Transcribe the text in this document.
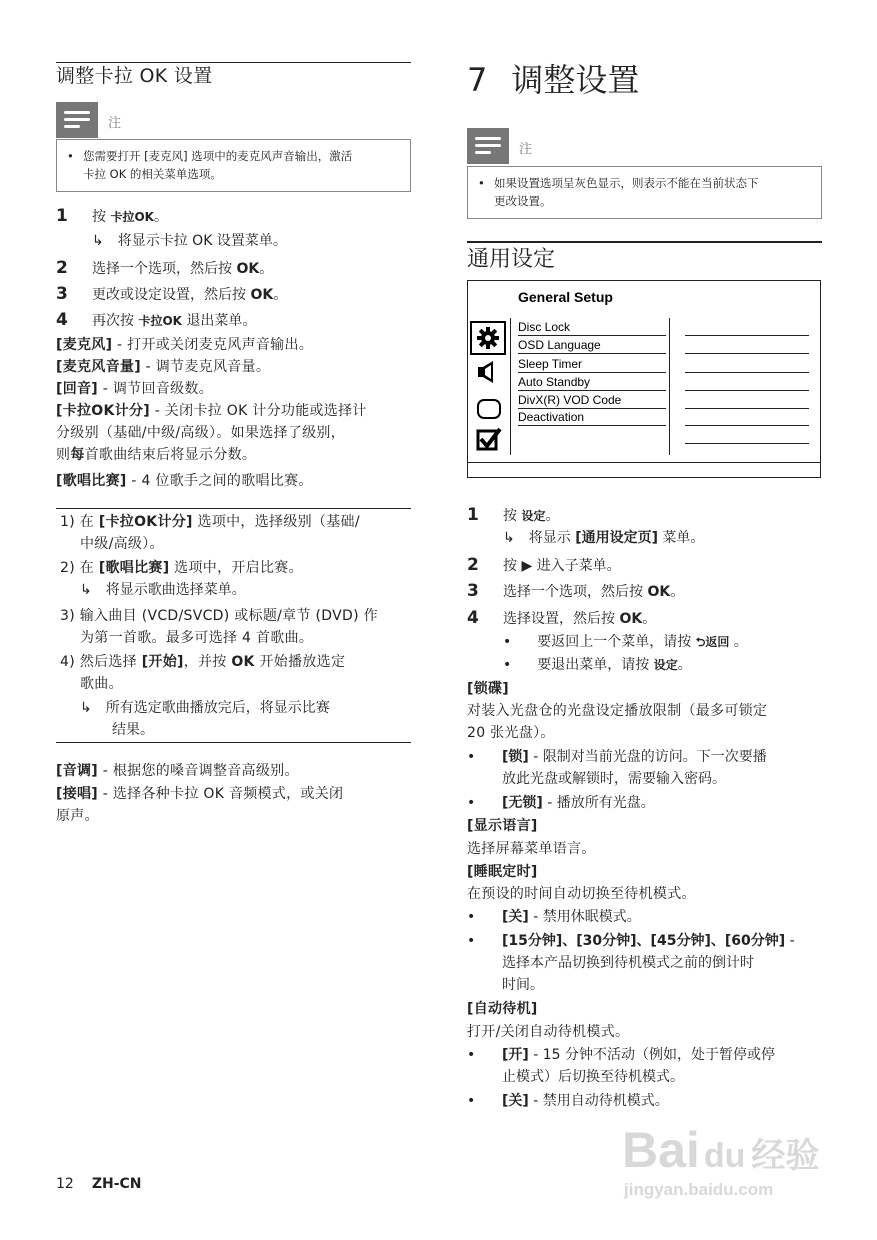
调整卡拉 OK 设置
注
• 您需要打开 [麦克风] 选项中的麦克风声音输出，激活
卡拉 OK 的相关菜单选项。
1 按 卡拉OK。
↳ 将显示卡拉 OK 设置菜单。
2 选择一个选项，然后按 OK。
3 更改或设定设置，然后按 OK。
4 再次按 卡拉OK 退出菜单。
[麦克风] - 打开或关闭麦克风声音输出。
[麦克风音量] - 调节麦克风音量。
[回音] - 调节回音级数。
[卡拉OK计分] - 关闭卡拉 OK 计分功能或选择计
分级别（基础/中级/高级）。如果选择了级别，
则每首歌曲结束后将显示分数。
[歌唱比赛] - 4 位歌手之间的歌唱比赛。
1) 在 [卡拉OK计分] 选项中，选择级别（基础/
中级/高级）。
2) 在 [歌唱比赛] 选项中，开启比赛。
↳ 将显示歌曲选择菜单。
3) 输入曲目 (VCD/SVCD) 或标题/章节 (DVD) 作
为第一首歌。最多可选择 4 首歌曲。
4) 然后选择 [开始]，并按 OK 开始播放选定
歌曲。
↳ 所有选定歌曲播放完后，将显示比赛
结果。
[音调] - 根据您的嗓音调整音高级别。
[接唱] - 选择各种卡拉 OK 音频模式，或关闭
原声。
7 调整设置
注
• 如果设置选项呈灰色显示，则表示不能在当前状态下
更改设置。
通用设定
General Setup
Disc Lock
OSD Language
Sleep Timer
Auto Standby
DivX(R) VOD Code
Deactivation
1 按 设定。
↳ 将显示 [通用设定页] 菜单。
2 按 ▶ 进入子菜单。
3 选择一个选项，然后按 OK。
4 选择设置，然后按 OK。
• 要返回上一个菜单，请按 ⮌返回 。
• 要退出菜单，请按 设定。
[锁碟]
对装入光盘仓的光盘设定播放限制（最多可锁定
20 张光盘）。
• [锁] - 限制对当前光盘的访问。下一次要播
放此光盘或解锁时，需要输入密码。
• [无锁] - 播放所有光盘。
[显示语言]
选择屏幕菜单语言。
[睡眠定时]
在预设的时间自动切换至待机模式。
• [关] - 禁用休眠模式。
• [15分钟]、[30分钟]、[45分钟]、[60分钟] -
选择本产品切换到待机模式之前的倒计时
时间。
[自动待机]
打开/关闭自动待机模式。
• [开] - 15 分钟不活动（例如，处于暂停或停
止模式）后切换至待机模式。
• [关] - 禁用自动待机模式。
12 ZH-CN
Bai du 经验
jingyan.baidu.com
